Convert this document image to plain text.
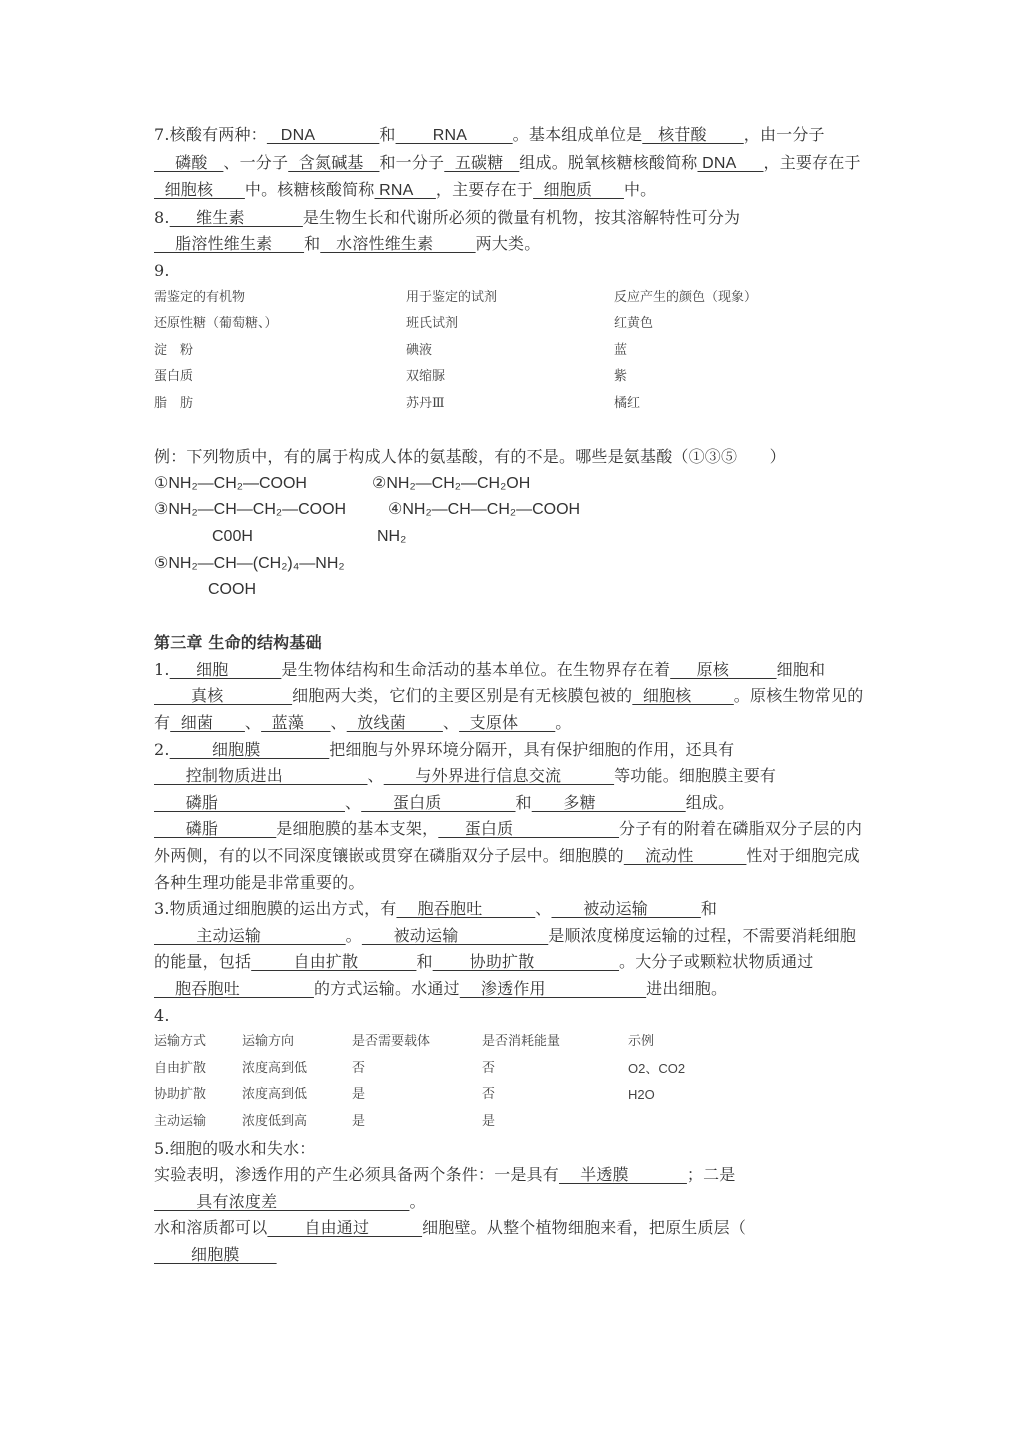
7.核酸有两种：   DNA              和        RNA          。基本组成单位是   核苷酸       ，由一分子    磷酸   、一分子  含氮碱基   和一分子  五碳糖   组成。脱氧核糖核酸简称 DNA      ，主要存在于  细胞核      中。核糖核酸简称 RNA     ，主要存在于  细胞质      中。

8.     维生素           是生物生长和代谢所必须的微量有机物，按其溶解特性可分为    脂溶性维生素      和   水溶性维生素        两大类。

9.

需鉴定的有机物	用于鉴定的试剂	反应产生的颜色（现象）
还原性糖（葡萄糖、）	班氏试剂	红黄色
淀　粉	碘液	蓝
蛋白质	双缩脲	紫
脂　肪	苏丹Ⅲ	橘红

例：下列物质中，有的属于构成人体的氨基酸，有的不是。哪些是氨基酸（①③⑤　　）

①NH₂—CH₂—COOH	②NH₂—CH₂—CH₂OH
③NH₂—CH—CH₂—COOH	④NH₂—CH—CH₂—COOH
C00H	NH₂
⑤NH₂—CH—(CH₂)₄—NH₂
COOH

第三章 生命的结构基础

1.     细胞          是生物体结构和生命活动的基本单位。在生物界存在着     原核         细胞和       真核             细胞两大类，它们的主要区别是有无核膜包被的  细胞核        。原核生物常见的有  细菌      、  蓝藻     、  放线菌       、  支原体       。

2.        细胞膜             把细胞与外界环境分隔开，具有保护细胞的作用，还具有      控制物质进出                、      与外界进行信息交流          等功能。细胞膜主要有      磷脂                        、      蛋白质              和      多糖                 组成。      磷脂           是细胞膜的基本支架，     蛋白质                    分子有的附着在磷脂双分子层的内外两侧，有的以不同深度镶嵌或贯穿在磷脂双分子层中。细胞膜的    流动性          性对于细胞完成各种生理功能是非常重要的。

3.物质通过细胞膜的运出方式，有    胞吞胞吐          、      被动运输          和        主动运输                。      被动运输                 是顺浓度梯度运输的过程，不需要消耗细胞的能量，包括        自由扩散           和       协助扩散                。大分子或颗粒状物质通过    胞吞胞吐              的方式运输。水通过    渗透作用                   进出细胞。

4.

运输方式	运输方向	是否需要载体	是否消耗能量	示例
自由扩散	浓度高到低	否	否	O2、CO2
协助扩散	浓度高到低	是	否	H2O
主动运输	浓度低到高	是	是

5.细胞的吸水和失水：

实验表明，渗透作用的产生必须具备两个条件：一是具有    半透膜           ；二是        具有浓度差                         。

水和溶质都可以       自由通过          细胞壁。从整个植物细胞来看，把原生质层（       细胞膜
